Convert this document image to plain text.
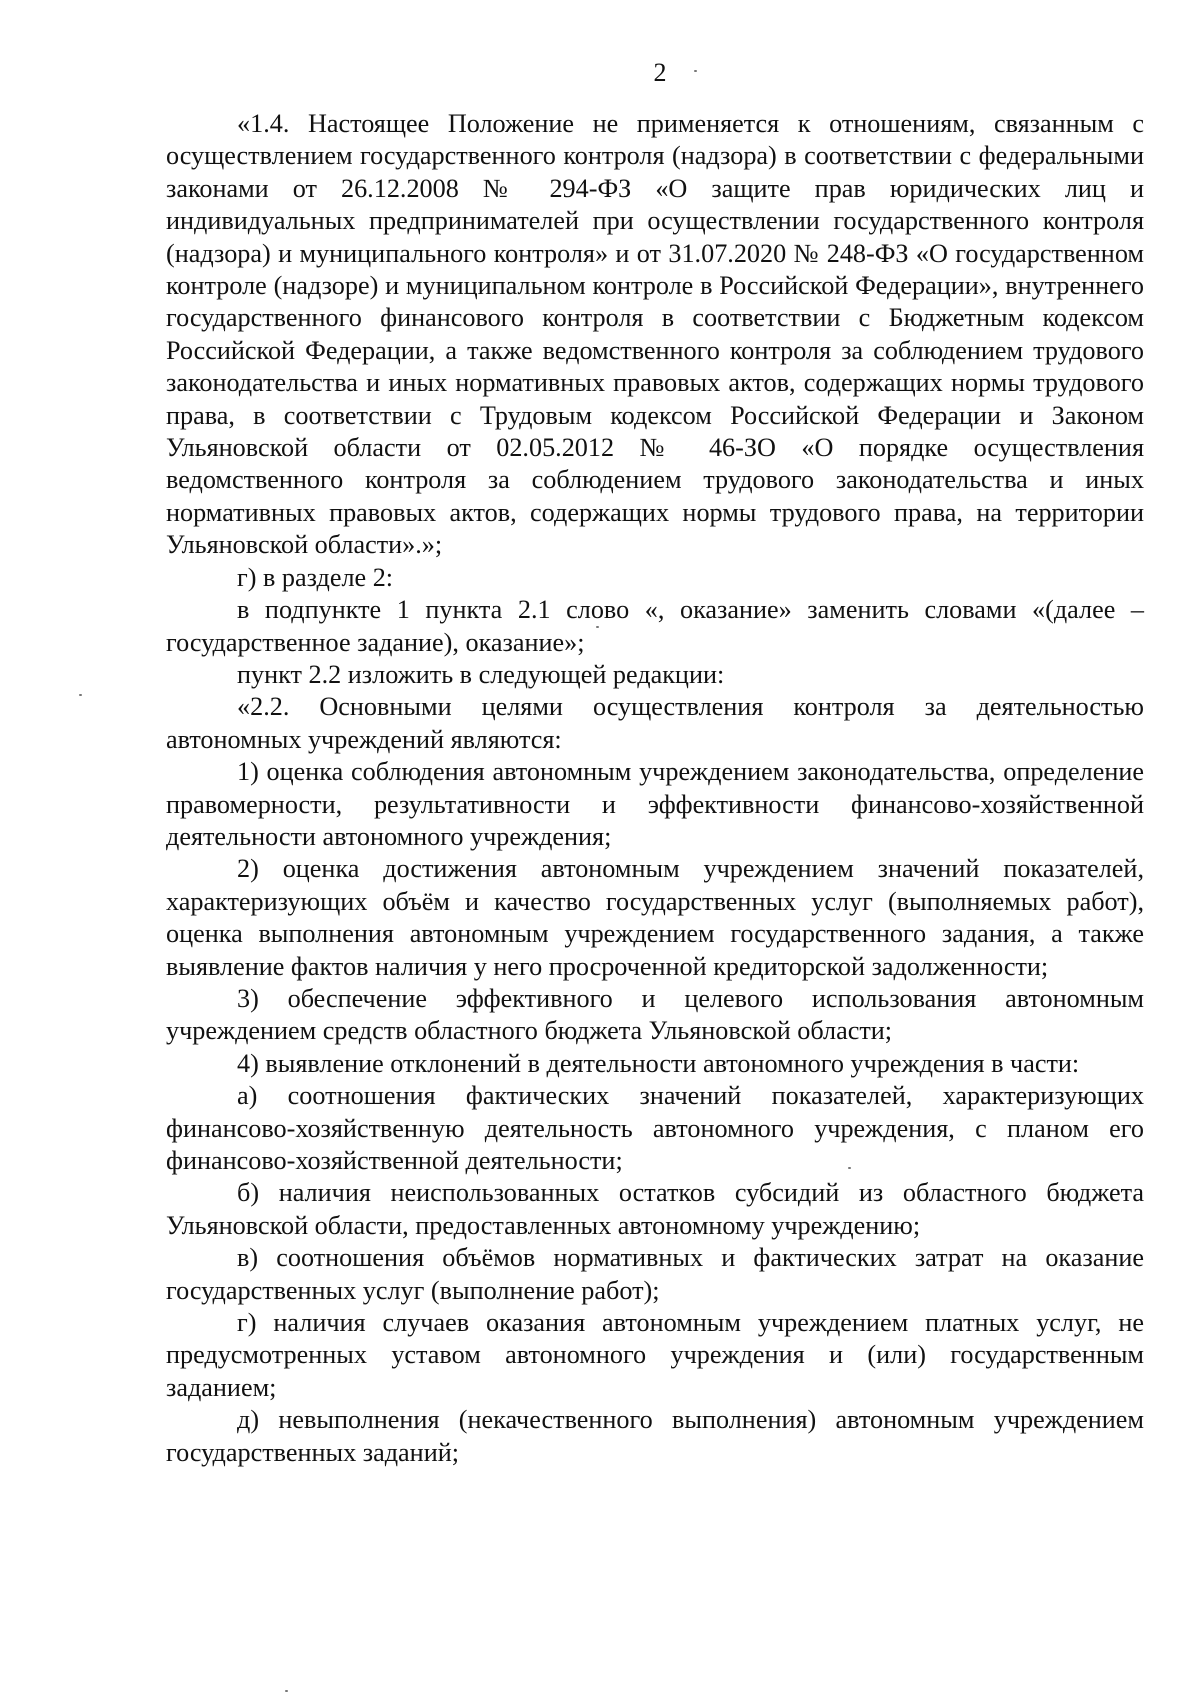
2

«1.4. Настоящее Положение не применяется к отношениям, связанным с осуществлением государственного контроля (надзора) в соответствии с федеральными законами от 26.12.2008 № 294-ФЗ «О защите прав юридических лиц и индивидуальных предпринимателей при осуществлении государственного контроля (надзора) и муниципального контроля» и от 31.07.2020 № 248-ФЗ «О государственном контроле (надзоре) и муниципальном контроле в Российской Федерации», внутреннего государственного финансового контроля в соответствии с Бюджетным кодексом Российской Федерации, а также ведомственного контроля за соблюдением трудового законодательства и иных нормативных правовых актов, содержащих нормы трудового права, в соответствии с Трудовым кодексом Российской Федерации и Законом Ульяновской области от 02.05.2012 № 46-ЗО «О порядке осуществления ведомственного контроля за соблюдением трудового законодательства и иных нормативных правовых актов, содержащих нормы трудового права, на территории Ульяновской области».»;

г) в разделе 2:

в подпункте 1 пункта 2.1 слово «, оказание» заменить словами «(далее – государственное задание), оказание»;

пункт 2.2 изложить в следующей редакции:

«2.2. Основными целями осуществления контроля за деятельностью автономных учреждений являются:

1) оценка соблюдения автономным учреждением законодательства, определение правомерности, результативности и эффективности финансово-хозяйственной деятельности автономного учреждения;

2) оценка достижения автономным учреждением значений показателей, характеризующих объём и качество государственных услуг (выполняемых работ), оценка выполнения автономным учреждением государственного задания, а также выявление фактов наличия у него просроченной кредиторской задолженности;

3) обеспечение эффективного и целевого использования автономным учреждением средств областного бюджета Ульяновской области;

4) выявление отклонений в деятельности автономного учреждения в части:

а) соотношения фактических значений показателей, характеризующих финансово-хозяйственную деятельность автономного учреждения, с планом его финансово-хозяйственной деятельности;

б) наличия неиспользованных остатков субсидий из областного бюджета Ульяновской области, предоставленных автономному учреждению;

в) соотношения объёмов нормативных и фактических затрат на оказание государственных услуг (выполнение работ);

г) наличия случаев оказания автономным учреждением платных услуг, не предусмотренных уставом автономного учреждения и (или) государственным заданием;

д) невыполнения (некачественного выполнения) автономным учреждением государственных заданий;
